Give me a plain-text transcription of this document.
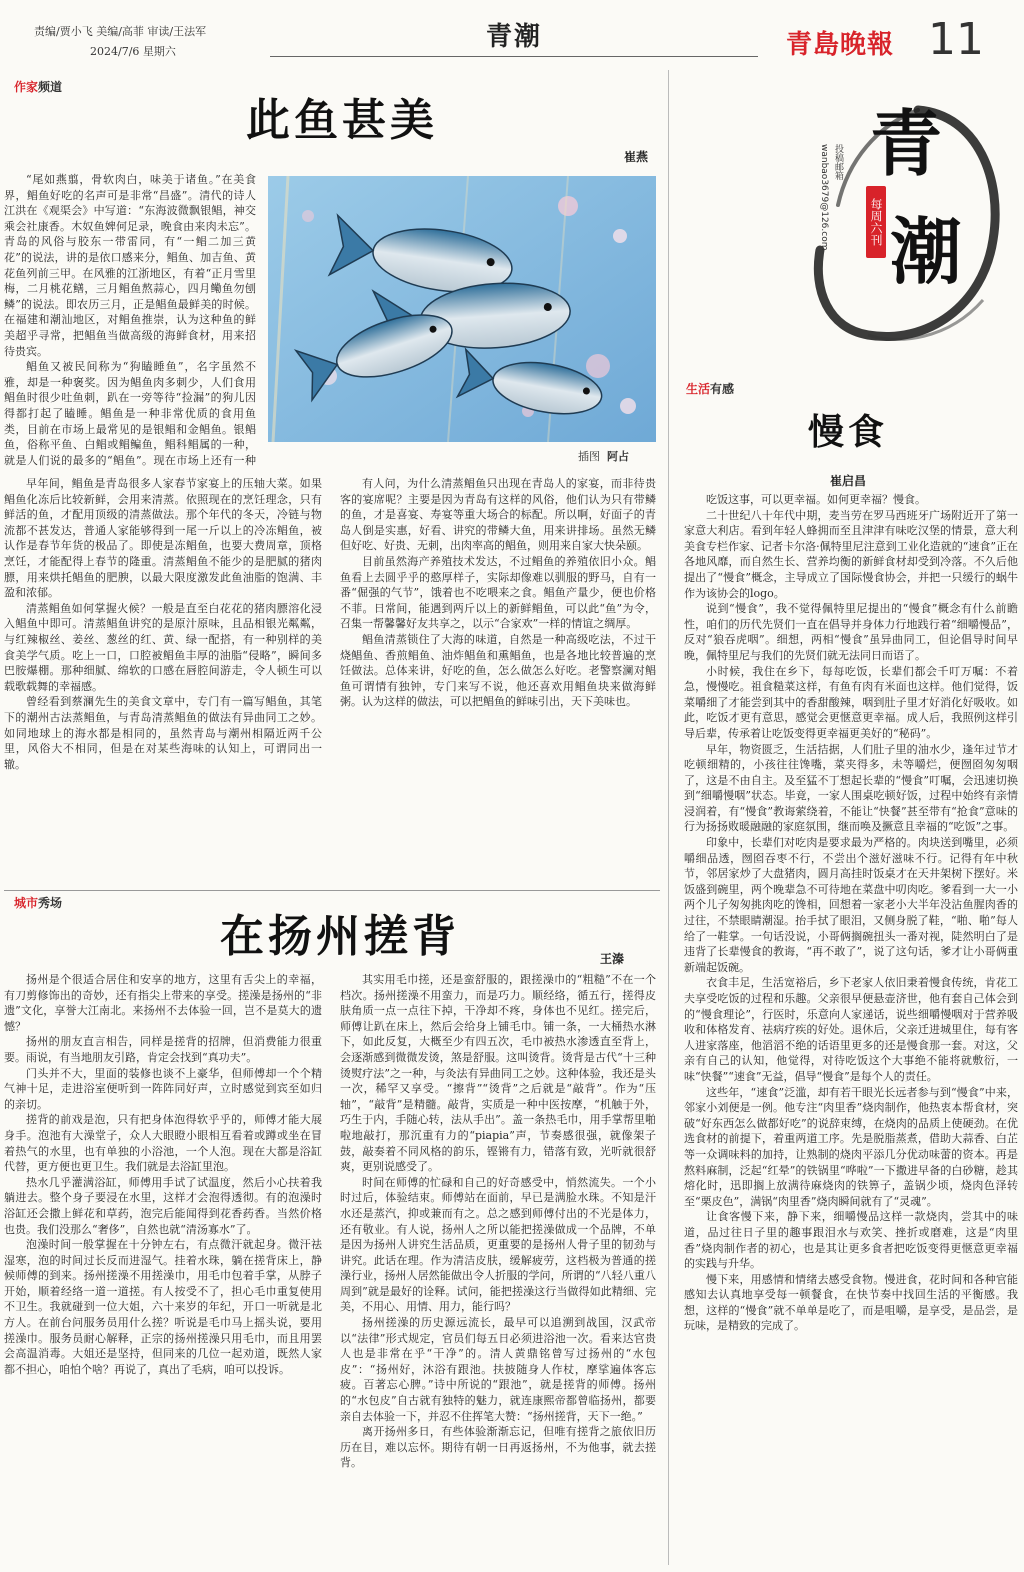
责编/贾小飞 美编/高菲 审读/王法军
2024/7/6 星期六	青潮	青島晚報 11
青
潮
每周六刊
投稿邮箱
wanbao3679@126.com
作家频道
此鱼甚美
崔燕
插图 阿占

“尾如燕翦，骨软肉白，味美于诸鱼。”在美食界，鲳鱼好吃的名声可是非常“昌盛”。清代的诗人江洪在《观渠会》中写道：“东海波微飘银鲳，神交乘会社康香。木奴鱼婢何足录，晚食由来肉未忘”。青岛的风俗与胶东一带雷同，有“一鲳二加三黄花”的说法，讲的是依口感来分，鲳鱼、加吉鱼、黄花鱼列前三甲。在风雅的江浙地区，有着“正月雪里梅，二月桃花鳝，三月鲳鱼熬蒜心，四月鳓鱼勿刨鳞”的说法。即农历三月，正是鲳鱼最鲜美的时候。在福建和潮汕地区，对鲳鱼推崇，认为这种鱼的鲜美超乎寻常，把鲳鱼当做高级的海鲜食材，用来招待贵宾。

鲳鱼又被民间称为“狗瞌睡鱼”，名字虽然不雅，却是一种褒奖。因为鲳鱼肉多刺少，人们食用鲳鱼时很少吐鱼刺，趴在一旁等待“捡漏”的狗儿因得都打起了瞌睡。鲳鱼是一种非常优质的食用鱼类，目前在市场上最常见的是银鲳和金鲳鱼。银鲳鱼，俗称平鱼、白鲳或鲳鳊鱼，鲳科鲳属的一种，就是人们说的最多的“鲳鱼”。现在市场上还有一种

早年间，鲳鱼是青岛很多人家春节家宴上的压轴大菜。如果鲳鱼化冻后比较新鲜，会用来清蒸。依照现在的烹饪理念，只有鲜活的鱼，才配用顶级的清蒸做法。那个年代的冬天，冷链与物流都不甚发达，普通人家能够得到一尾一斤以上的冷冻鲳鱼，被认作是春节年货的极品了。即使是冻鲳鱼，也要大费周章，顶格烹饪，才能配得上春节的隆重。清蒸鲳鱼不能少的是肥腻的猪肉膘，用来烘托鲳鱼的肥腴，以最大限度激发此鱼油脂的饱满、丰盈和浓郁。

清蒸鲳鱼如何掌握火候？一般是直至白花花的猪肉膘溶化浸入鲳鱼中即可。清蒸鲳鱼讲究的是原汁原味，且品相银光粼粼，与红辣椒丝、姜丝、葱丝的红、黄、绿一配搭，有一种别样的美食美学气质。吃上一口，口腔被鲳鱼丰厚的油脂“侵略”，瞬间多巴胺爆棚。那种细腻、绵软的口感在唇腔间游走，令人顿生可以载歌载舞的幸福感。

曾经看到蔡澜先生的美食文章中，专门有一篇写鲳鱼，其笔下的潮州古法蒸鲳鱼，与青岛清蒸鲳鱼的做法有异曲同工之妙。如同地球上的海水都是相同的，虽然青岛与潮州相隔近两千公里，风俗大不相同，但是在对某些海味的认知上，可谓同出一辙。

有人问，为什么清蒸鲳鱼只出现在青岛人的家宴，而非待贵客的宴席呢？主要是因为青岛有这样的风俗，他们认为只有带鳞的鱼，才是喜宴、寿宴等重大场合的标配。所以啊，好面子的青岛人倒是实惠，好看、讲究的带鳞大鱼，用来讲排场。虽然无鳞但好吃、好贵、无刺，出肉率高的鲳鱼，则用来自家大快朵颐。

目前虽然海产养殖技术发达，不过鲳鱼的养殖依旧小众。鲳鱼看上去圆乎乎的憨厚样子，实际却像难以驯服的野马，自有一番“倔强的气节”，饿着也不吃喂来之食。鲳鱼产量少，便也价格不菲。日常间，能遇到两斤以上的新鲜鲳鱼，可以此“鱼”为令，召集一帮馨馨好友共享之，以示“合家欢”一样的情谊之绸厚。

鲳鱼清蒸锁住了大海的味道，自然是一种高级吃法，不过干烧鲳鱼、香煎鲳鱼、油炸鲳鱼和熏鲳鱼，也是各地比较普遍的烹饪做法。总体来讲，好吃的鱼，怎么做怎么好吃。老警察澜对鲳鱼可谓情有独钟，专门来写不说，他还喜欢用鲳鱼块来做海鲜粥。认为这样的做法，可以把鲳鱼的鲜味引出，天下美味也。

城市秀场
在扬州搓背	王溱

扬州是个很适合居住和安享的地方，这里有舌尖上的幸福，有刀剪修饰出的奇妙，还有指尖上带来的享受。搓澡是扬州的“非遗”文化，享誉大江南北。来扬州不去体验一回，岂不是莫大的遗憾？

扬州的朋友直言相告，同样是搓背的招牌，但消费能力很重要。雨说，有当地朋友引路，肯定会找到“真功夫”。

门头并不大，里面的装修也谈不上豪华，但师傅却一个个精气神十足，走进浴室便听到一阵阵同好声，立时感觉到宾至如归的亲切。

搓背的前戏是泡，只有把身体泡得软乎乎的，师傅才能大展身手。泡池有大澡堂子，众人大眼瞪小眼相互看着或蹲或坐在冒着热气的水里，也有单独的小浴池，一个人泡。现在大都是浴缸代替，更方便也更卫生。我们就是去浴缸里泡。

热水几乎灌满浴缸，师傅用手试了试温度，然后小心扶着我躺进去。整个身子要浸在水里，这样才会泡得透彻。有的泡澡时浴缸还会撒上鲜花和草药，泡完后能闻得到花香药香。当然价格也贵。我们没那么“奢侈”，自然也就“清汤寡水”了。

泡澡时间一般掌握在十分钟左右，有点微汗就起身。微汗祛湿寒，泡的时间过长反而进湿气。挂着水珠，躺在搓背床上，静候师傅的到来。扬州搓澡不用搓澡巾，用毛巾包着手掌，从脖子开始，顺着经络一道一道搓。有人按受不了，担心毛巾重复使用不卫生。我就碰到一位大姐，六十来岁的年纪，开口一听就是北方人。在前台问服务员用什么搓？听说是毛巾马上摇头说，要用搓澡巾。服务员耐心解释，正宗的扬州搓澡只用毛巾，而且用罢会高温消毒。大姐还是坚持，但同来的几位一起劝道，既然人家都不担心，咱怕个啥？再说了，真出了毛病，咱可以投诉。

其实用毛巾搓，还是蛮舒服的，跟搓澡巾的“粗糙”不在一个档次。扬州搓澡不用蛮力，而是巧力。顺经络，循五行，搓得皮肤角质一点一点往下掉，干净却不疼，身体也不见红。搓完后，师傅让趴在床上，然后会给身上铺毛巾。铺一条，一大桶热水淋下，如此反复，大概至少有四五次，毛巾被热水渗透直至背上，会逐渐感到微微发烫，煞是舒服。这叫烫背。烫背是古代“十三种烫熨疗法”之一种，与灸法有异曲同工之妙。这种体验，我还是头一次，稀罕又享受。“擦背”“烫背”之后就是“敲背”。作为“压轴”，“敲背”是精髓。敲背，实质是一种中医按摩，“机触于外，巧生于内，手随心转，法从手出”。盖一条热毛巾，用手掌帮里啪啦地敲打，那沉重有力的“piapia”声，节奏感很强，就像架子鼓，敲奏着不同风格的韵乐，铿锵有力，错落有致，光听就很舒爽，更别说感受了。

时间在师傅的忙碌和自己的好奇感受中，悄然流失。一个小时过后，体验结束。师傅站在面前，早已是满脸水珠。不知是汗水还是蒸汽，抑或兼而有之。总之感到师傅付出的不光是体力，还有敬业。有人说，扬州人之所以能把搓澡做成一个品牌，不单是因为扬州人讲究生活品质，更重要的是扬州人骨子里的韧劲与讲究。此话在理。作为清洁皮肤，缓解疲劳，这档极为普通的搓澡行业，扬州人居然能做出令人折服的学问，所谓的“八轻八重八周到”就是最好的诠释。试问，能把搓澡这行当做得如此精细、完美，不用心、用情、用力，能行吗？

扬州搓澡的历史源远流长，最早可以追溯到战国，汉武帝以“法律”形式规定，官员们每五日必须进浴池一次。看来达官贵人也是非常在乎“干净”的。清人黄鼎铭曾写过扬州的“水包皮”：“扬州好，沐浴有跟池。扶披随身人作杖，摩挲遍体客忘疲。百著忘心脾。”诗中所说的“跟池”，就是搓背的师傅。扬州的“水包皮”自古就有独特的魅力，就连康熙帝都曾临扬州，都要亲自去体验一下，并忍不住挥笔大赞：“扬州搓背，天下一绝。”

离开扬州多日，有些体验渐渐忘记，但唯有搓背之旅依旧历历在目，难以忘怀。期待有朝一日再返扬州，不为他事，就去搓背。

生活有感
慢食
崔启昌

吃饭这事，可以更幸福。如何更幸福？慢食。

二十世纪八十年代中期，麦当劳在罗马西班牙广场附近开了第一家意大利店。看到年轻人蜂拥而至且津津有味吃汉堡的情景，意大利美食专栏作家、记者卡尔洛·佩特里尼注意到工业化造就的“速食”正在各地风靡，而自然生长、营养均衡的新鲜食材却受到冷落。不久后他提出了“慢食”概念，主导成立了国际慢食协会，并把一只缓行的蜗牛作为该协会的logo。

说到“慢食”，我不觉得佩特里尼提出的“慢食”概念有什么前瞻性，咱们的历代先贤们一直在倡导并身体力行地践行着“细嚼慢品”，反对“狼吞虎咽”。细想，两相“慢食”虽异曲同工，但论倡导时间早晚，佩特里尼与我们的先贤们就无法同日而语了。

小时候，我住在乡下，每每吃饭，长辈们都会千叮万嘱：不着急，慢慢吃。祖食糙菜这样，有鱼有肉有米面也这样。他们觉得，饭菜嚼细了才能尝到其中的香甜酸辣，咽到肚子里才好消化好吸收。如此，吃饭才更有意思，感觉会更惬意更幸福。成人后，我照例这样引导后辈，传承着让吃饭变得更幸福更美好的“秘码”。

早年，物资匮乏，生活拮据，人们肚子里的油水少，逢年过节才吃顿细精的，小孩往往馋嘴，菜夹得多，未等嚼烂，便囫囵匆匆咽了，这是不由自主。及至猛不丁想起长辈的“慢食”叮嘱，会迅速切换到“细嚼慢咽”状态。毕竟，一家人围桌吃顿好饭，过程中始终有亲情浸润着，有“慢食”教诲萦绕着，不能让“快餐”甚至带有“抢食”意味的行为扬扬败暖融融的家庭氛围，继而唤及撅意且幸福的“吃饭”之事。

印象中，长辈们对吃肉是要求最为严格的。肉块送到嘴里，必须嚼细品透，囫囵吞枣不行，不尝出个滋好滋味不行。记得有年中秋节，邻居家炒了大盘猪肉，圆月高挂时饭桌才在天井架树下摆好。米饭盛到碗里，两个晚辈急不可待地在菜盘中叨肉吃。爹看到一大一小两个儿子匆匆挑肉吃的馋相，回想着一家老小大半年没沾鱼腥肉香的过往，不禁眼睛潮湿。抬手拭了眼泪，又侧身脱了鞋，“啪、啪”每人给了一鞋掌。一句话没说，小哥俩搁碗扭头一番对视，陡然明白了是违背了长辈慢食的教诲，“再不敢了”，说了这句话，爹才让小哥俩重新端起饭碗。

衣食丰足，生活宽裕后，乡下老家人依旧秉着慢食传统，肯花工夫享受吃饭的过程和乐趣。父亲很早便悬壶济世，他有套自己体会到的“慢食理论”，行医时，乐意向人家递话，说些细嚼慢咽对于营养吸收和体格发育、祛病疗疾的好处。退休后，父亲迁进城里住，每有客人进家落座，他滔滔不绝的话语里更多的还是慢食那一套。对这，父亲有自己的认知，他觉得，对待吃饭这个大事绝不能将就敷衍，一味“快餐”“速食”无益，倡导“慢食”是每个人的责任。

这些年，“速食”泛滥，却有若干眼光长远者参与到“慢食”中来，邻家小刘便是一例。他专注“肉里香”烧肉制作，他热衷本帮食材，突破“好东西怎么做都好吃”的说辞束缚，在烧肉的品质上使硬劲。在优选食材的前提下，着重两道工序。先是脱脂蒸煮，借助大蒜香、白芷等一众调味料的加持，让熟制的烧肉平添几分优动味蕾的资本。再是熬料麻制，泛起“红晕”的铁锅里“哗啦”一下撒进早备的白砂糖，趁其熔化时，迅即搁上放满待麻烧肉的铁箅子，盖锅少顷，烧肉色泽转至“栗皮色”，满锅“肉里香”烧肉瞬间就有了“灵魂”。

让食客慢下来，静下来，细嚼慢品这样一款烧肉，尝其中的味道，品过往日子里的趣事跟泪水与欢笑、挫折或磨难，这是“肉里香”烧肉制作者的初心，也是其让更多食者把吃饭变得更惬意更幸福的实践与升华。

慢下来，用感情和情绪去感受食物。慢进食，花时间和各种官能感知去认真地享受每一顿餐食，在快节奏中找回生活的平衡感。我想，这样的“慢食”就不单单是吃了，而是咀嚼，是享受，是品尝，是玩味，是精致的完成了。
